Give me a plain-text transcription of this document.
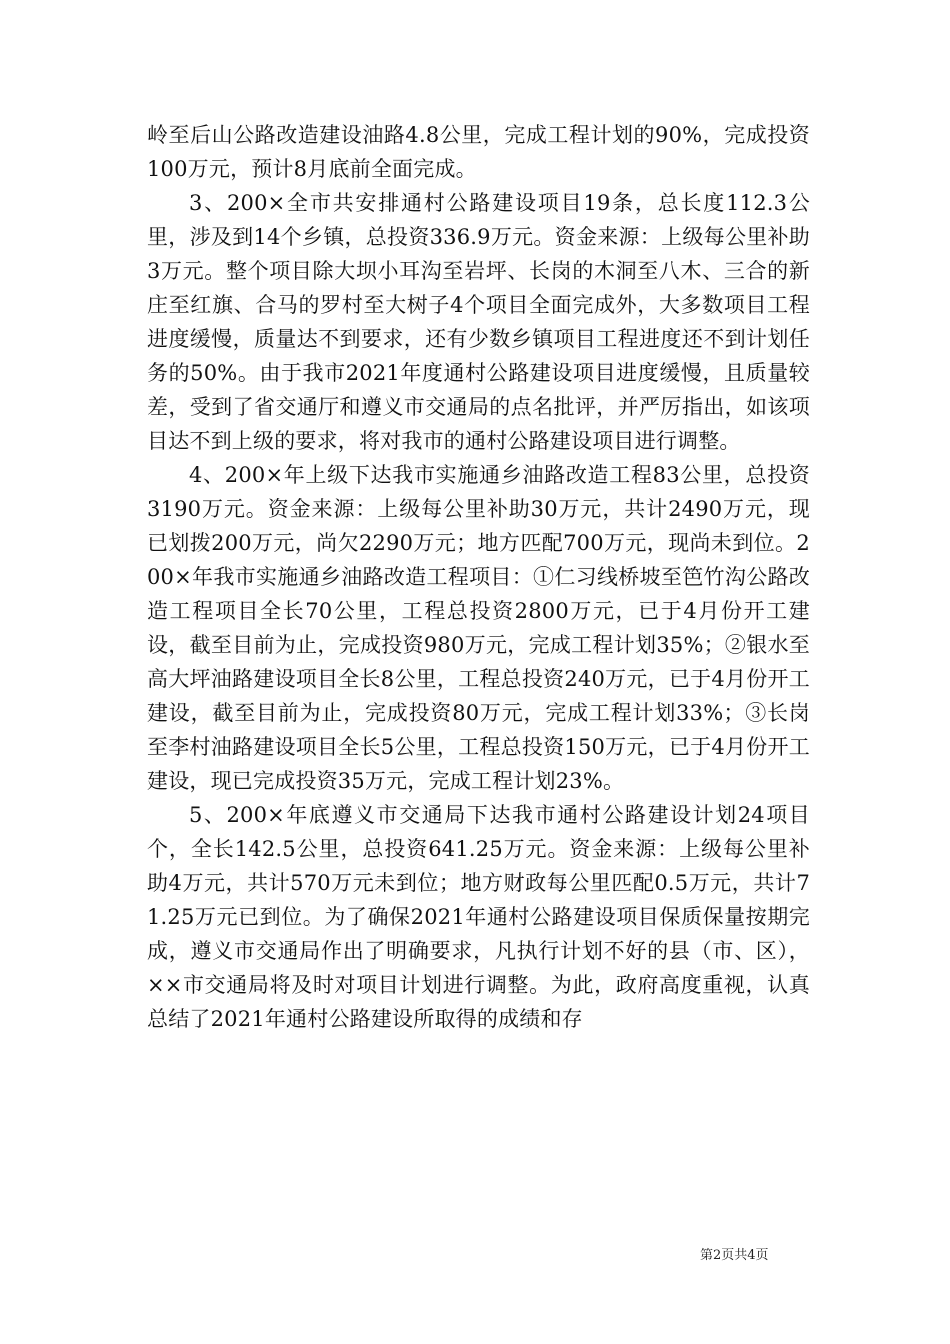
岭至后山公路改造建设油路4.8公里，完成工程计划的90%，完成投资100万元，预计8月底前全面完成。

3、200×全市共安排通村公路建设项目19条，总长度112.3公里，涉及到14个乡镇，总投资336.9万元。资金来源：上级每公里补助3万元。整个项目除大坝小耳沟至岩坪、长岗的木洞至八木、三合的新庄至红旗、合马的罗村至大树子4个项目全面完成外，大多数项目工程进度缓慢，质量达不到要求，还有少数乡镇项目工程进度还不到计划任务的50%。由于我市2021年度通村公路建设项目进度缓慢，且质量较差，受到了省交通厅和遵义市交通局的点名批评，并严厉指出，如该项目达不到上级的要求，将对我市的通村公路建设项目进行调整。

4、200×年上级下达我市实施通乡油路改造工程83公里，总投资3190万元。资金来源：上级每公里补助30万元，共计2490万元，现已划拨200万元，尚欠2290万元；地方匹配700万元，现尚未到位。200×年我市实施通乡油路改造工程项目：①仁习线桥坡至笆竹沟公路改造工程项目全长70公里，工程总投资2800万元，已于4月份开工建设，截至目前为止，完成投资980万元，完成工程计划35%；②银水至高大坪油路建设项目全长8公里，工程总投资240万元，已于4月份开工建设，截至目前为止，完成投资80万元，完成工程计划33%；③长岗至李村油路建设项目全长5公里，工程总投资150万元，已于4月份开工建设，现已完成投资35万元，完成工程计划23%。

5、200×年底遵义市交通局下达我市通村公路建设计划24项目个，全长142.5公里，总投资641.25万元。资金来源：上级每公里补助4万元，共计570万元未到位；地方财政每公里匹配0.5万元，共计71.25万元已到位。为了确保2021年通村公路建设项目保质保量按期完成，遵义市交通局作出了明确要求，凡执行计划不好的县（市、区），××市交通局将及时对项目计划进行调整。为此，政府高度重视，认真总结了2021年通村公路建设所取得的成绩和存

第2页共4页
